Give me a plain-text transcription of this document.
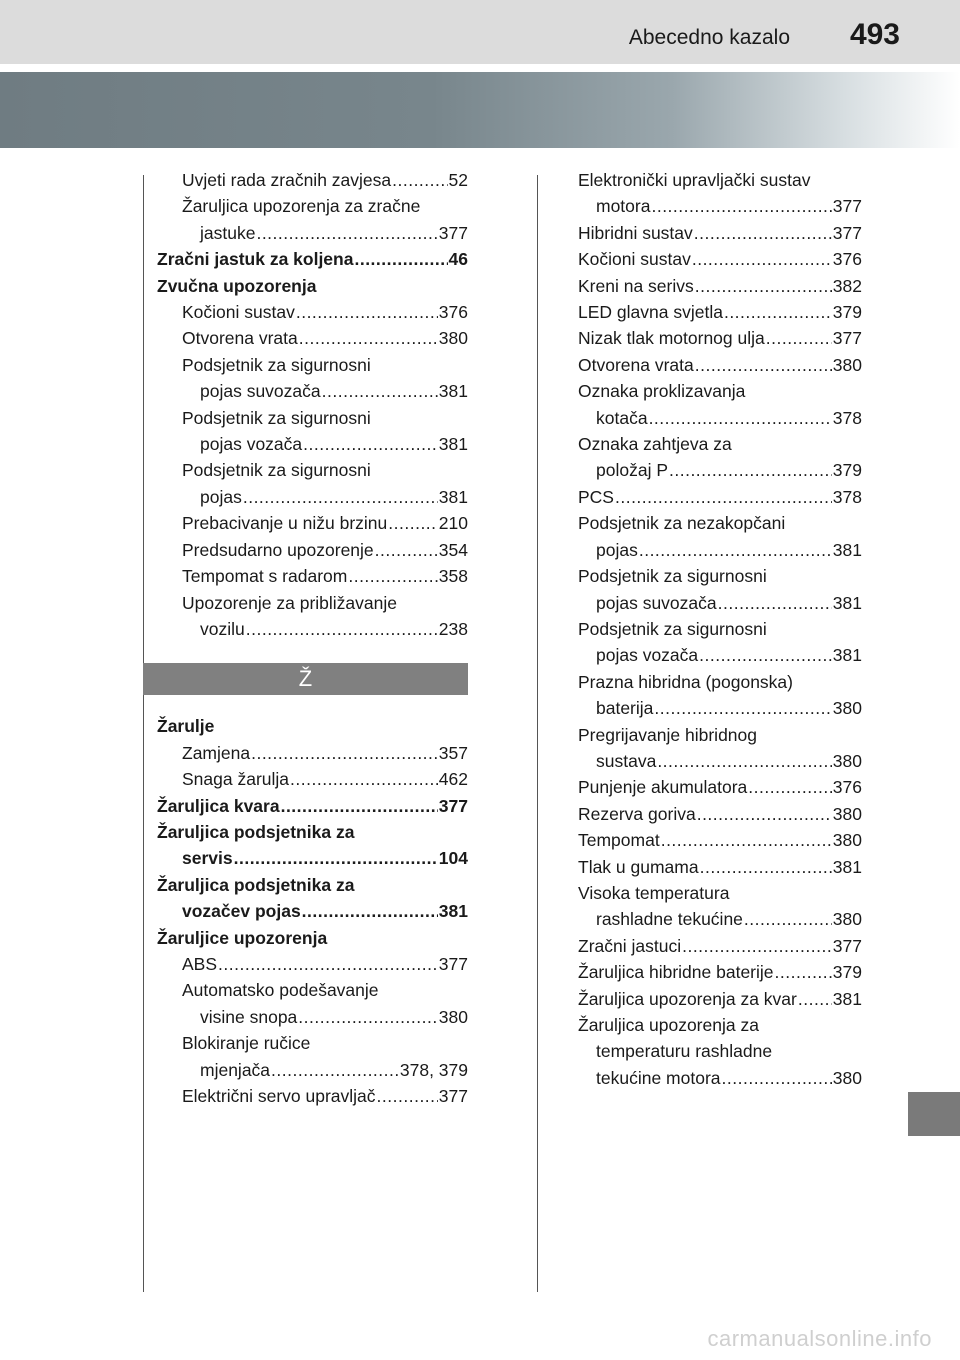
Abecedno kazalo 493
Uvjeti rada zračnih zavjesa .....	52
Žaruljica upozorenja za zračne
jastuke .....	377
Zračni jastuk za koljena .....	46
Zvučna upozorenja
Kočioni sustav .....	376
Otvorena vrata .....	380
Podsjetnik za sigurnosni
pojas suvozača .....	381
Podsjetnik za sigurnosni
pojas vozača .....	381
Podsjetnik za sigurnosni
pojas .....	381
Prebacivanje u nižu brzinu .....	210
Predsudarno upozorenje .....	354
Tempomat s radarom .....	358
Upozorenje za približavanje
vozilu .....	238
Ž
Žarulje
Zamjena .....	357
Snaga žarulja .....	462
Žaruljica kvara .....	377
Žaruljica podsjetnika za
servis .....	104
Žaruljica podsjetnika za
vozačev pojas .....	381
Žaruljice upozorenja
ABS .....	377
Automatsko podešavanje
visine snopa .....	380
Blokiranje ručice
mjenjača .....	378, 379
Električni servo upravljač .....	377
Elektronički upravljački sustav
motora .....	377
Hibridni sustav .....	377
Kočioni sustav .....	376
Kreni na serivs .....	382
LED glavna svjetla .....	379
Nizak tlak motornog ulja .....	377
Otvorena vrata .....	380
Oznaka proklizavanja
kotača .....	378
Oznaka zahtjeva za
položaj P .....	379
PCS .....	378
Podsjetnik za nezakopčani
pojas .....	381
Podsjetnik za sigurnosni
pojas suvozača .....	381
Podsjetnik za sigurnosni
pojas vozača .....	381
Prazna hibridna (pogonska)
baterija .....	380
Pregrijavanje hibridnog
sustava .....	380
Punjenje akumulatora .....	376
Rezerva goriva .....	380
Tempomat .....	380
Tlak u gumama .....	381
Visoka temperatura
rashladne tekućine .....	380
Zračni jastuci .....	377
Žaruljica hibridne baterije .....	379
Žaruljica upozorenja za kvar ..... 381
Žaruljica upozorenja za
temperaturu rashladne
tekućine motora .....	380
carmanualsonline.info
